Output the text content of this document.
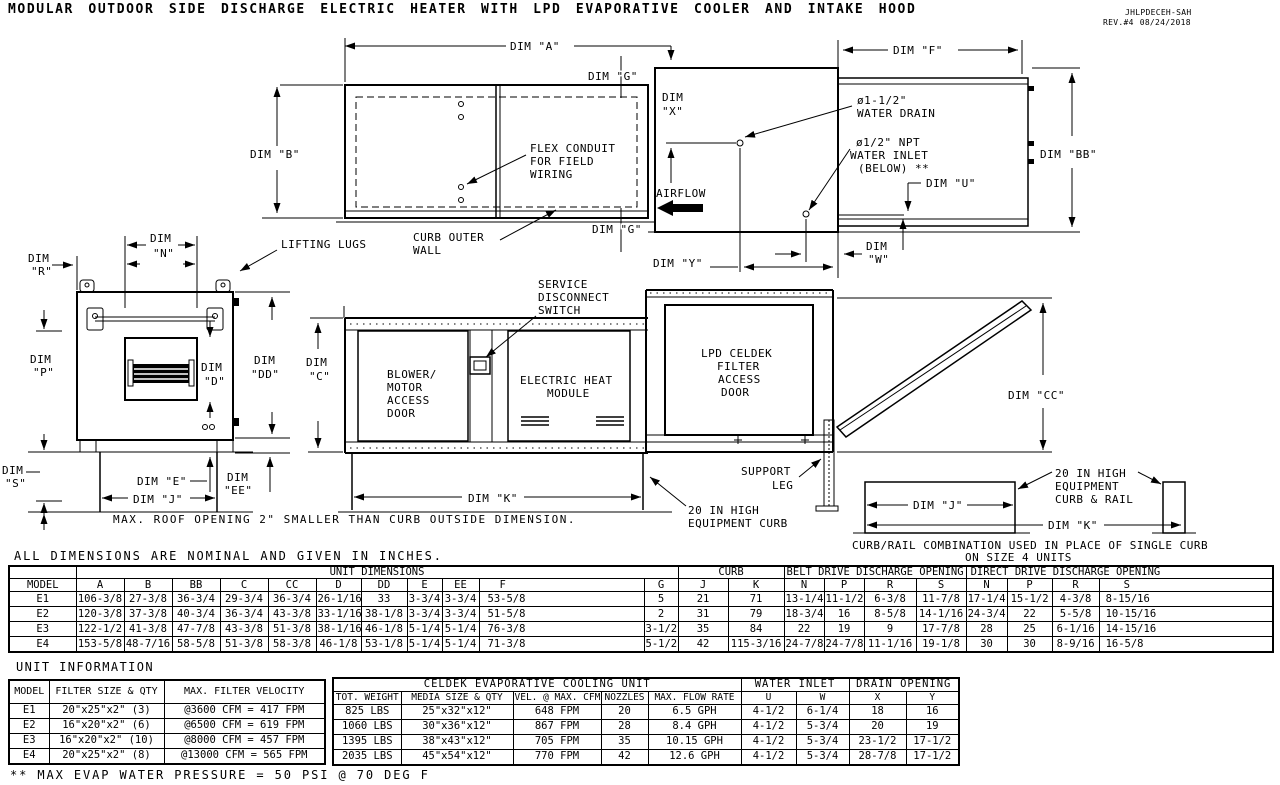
MODULAR OUTDOOR SIDE DISCHARGE ELECTRIC HEATER WITH LPD EVAPORATIVE COOLER AND INTAKE HOOD	JHLPDECEH-SAH
REV.#4 08/24/2018
DIM "A"
DIM "B"
DIM "G"
DIM "G"
FLEX CONDUIT
FOR FIELD
WIRING
CURB OUTER
WALL
LIFTING LUGS
DIM "F"
DIM
"X"
ø1-1/2"
WATER DRAIN
ø1/2" NPT
WATER INLET
(BELOW) **
DIM "U"
AIRFLOW
DIM "Y"
DIM
"W"
DIM "BB"
DIM
"R"
DIM
"N"
DIM
"P"	DIM
"D"
DIM
"DD"
DIM
"S"	DIM "E"	DIM
"EE"
DIM "J"
MAX. ROOF OPENING 2" SMALLER THAN CURB OUTSIDE DIMENSION.
BLOWER/
MOTOR
ACCESS
DOOR
ELECTRIC HEAT
MODULE
SERVICE
DISCONNECT
SWITCH
DIM
"C"
DIM "K"
LPD CELDEK
FILTER
ACCESS
DOOR
SUPPORT
LEG
20 IN HIGH
EQUIPMENT CURB
DIM "CC"
DIM "J"
DIM "K"
20 IN HIGH
EQUIPMENT
CURB & RAIL
CURB/RAIL COMBINATION USED IN PLACE OF SINGLE CURB
ON SIZE 4 UNITS
ALL DIMENSIONS ARE NOMINAL AND GIVEN IN INCHES.
	UNIT DIMENSIONS											CURB		BELT DRIVE DISCHARGE OPENING				DIRECT DRIVE DISCHARGE OPENING			
MODEL	A	B	BB	C	CC	D	DD	E	EE	F	G	J	K	N	P	R	S	N	P	R	S
E1	106-3/8	27-3/8	36-3/4	29-3/4	36-3/4	26-1/16	33	3-3/4	3-3/4	53-5/8	5	21	71	13-1/4	11-1/2	6-3/8	11-7/8	17-1/4	15-1/2	4-3/8	8-15/16
E2	120-3/8	37-3/8	40-3/4	36-3/4	43-3/8	33-1/16	38-1/8	3-3/4	3-3/4	51-5/8	2	31	79	18-3/4	16	8-5/8	14-1/16	24-3/4	22	5-5/8	10-15/16
E3	122-1/2	41-3/8	47-7/8	43-3/8	51-3/8	38-1/16	46-1/8	5-1/4	5-1/4	76-3/8	3-1/2	35	84	22	19	9	17-7/8	28	25	6-1/16	14-15/16
E4	153-5/8	48-7/16	58-5/8	51-3/8	58-3/8	46-1/8	53-1/8	5-1/4	5-1/4	71-3/8	5-1/2	42	115-3/16	24-7/8	24-7/8	11-1/16	19-1/8	30	30	8-9/16	16-5/8
UNIT INFORMATION
MODEL	FILTER SIZE & QTY	MAX. FILTER VELOCITY
E1	20"x25"x2" (3)	@3600 CFM = 417 FPM
E2	16"x20"x2" (6)	@6500 CFM = 619 FPM
E3	16"x20"x2" (10)	@8000 CFM = 457 FPM
E4	20"x25"x2" (8)	@13000 CFM = 565 FPM
CELDEK EVAPORATIVE COOLING UNIT					WATER INLET		DRAIN OPENING	
TOT. WEIGHT	MEDIA SIZE & QTY	VEL. @ MAX. CFM	NOZZLES	MAX. FLOW RATE	U	W	X	Y
825 LBS	25"x32"x12"	648 FPM	20	6.5 GPH	4-1/2	6-1/4	18	16
1060 LBS	30"x36"x12"	867 FPM	28	8.4 GPH	4-1/2	5-3/4	20	19
1395 LBS	38"x43"x12"	705 FPM	35	10.15 GPH	4-1/2	5-3/4	23-1/2	17-1/2
2035 LBS	45"x54"x12"	770 FPM	42	12.6 GPH	4-1/2	5-3/4	28-7/8	17-1/2
** MAX EVAP WATER PRESSURE = 50 PSI @ 70 DEG F
